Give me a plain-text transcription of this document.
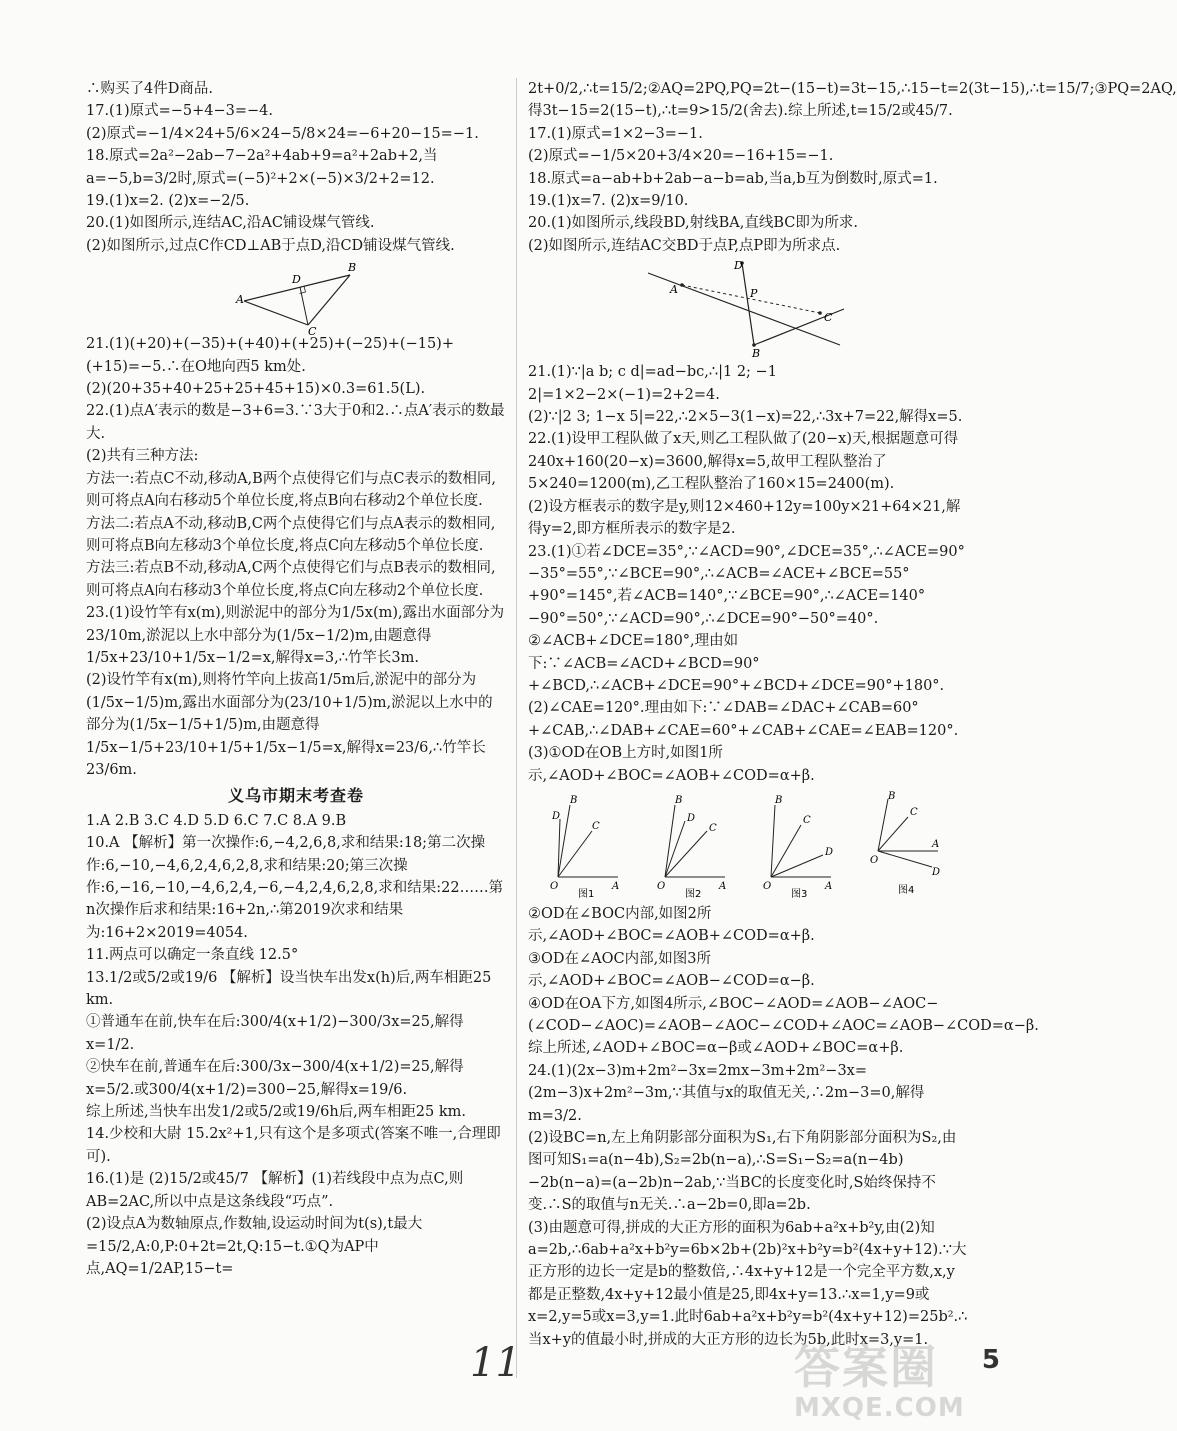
∴购买了4件D商品.

17.(1)原式=−5+4−3=−4.

(2)原式=−1/4×24+5/6×24−5/8×24=−6+20−15=−1.

18.原式=2a²−2ab−7−2a²+4ab+9=a²+2ab+2,当a=−5,b=3/2时,原式=(−5)²+2×(−5)×3/2+2=12.

19.(1)x=2. (2)x=−2/5.

20.(1)如图所示,连结AC,沿AC铺设煤气管线.

(2)如图所示,过点C作CD⊥AB于点D,沿CD铺设煤气管线.

A
B
C
D

21.(1)(+20)+(−35)+(+40)+(+25)+(−25)+(−15)+(+15)=−5.∴在O地向西5 km处.

(2)(20+35+40+25+25+45+15)×0.3=61.5(L).

22.(1)点A′表示的数是−3+6=3.∵3大于0和2.∴点A′表示的数最大.

(2)共有三种方法:

方法一:若点C不动,移动A,B两个点使得它们与点C表示的数相同,则可将点A向右移动5个单位长度,将点B向右移动2个单位长度.

方法二:若点A不动,移动B,C两个点使得它们与点A表示的数相同,则可将点B向左移动3个单位长度,将点C向左移动5个单位长度.

方法三:若点B不动,移动A,C两个点使得它们与点B表示的数相同,则可将点A向右移动3个单位长度,将点C向左移动2个单位长度.

23.(1)设竹竿有x(m),则淤泥中的部分为1/5x(m),露出水面部分为23/10m,淤泥以上水中部分为(1/5x−1/2)m,由题意得1/5x+23/10+1/5x−1/2=x,解得x=3,∴竹竿长3m.

(2)设竹竿有x(m),则将竹竿向上拔高1/5m后,淤泥中的部分为(1/5x−1/5)m,露出水面部分为(23/10+1/5)m,淤泥以上水中的部分为(1/5x−1/5+1/5)m,由题意得1/5x−1/5+23/10+1/5+1/5x−1/5=x,解得x=23/6,∴竹竿长23/6m.

义乌市期末考查卷

1.A 2.B 3.C 4.D 5.D 6.C 7.C 8.A 9.B

10.A 【解析】第一次操作:6,−4,2,6,8,求和结果:18;第二次操作:6,−10,−4,6,2,4,6,2,8,求和结果:20;第三次操作:6,−16,−10,−4,6,2,4,−6,−4,2,4,6,2,8,求和结果:22……第n次操作后求和结果:16+2n,∴第2019次求和结果为:16+2×2019=4054.

11.两点可以确定一条直线 12.5°

13.1/2或5/2或19/6 【解析】设当快车出发x(h)后,两车相距25 km.

①普通车在前,快车在后:300/4(x+1/2)−300/3x=25,解得x=1/2.

②快车在前,普通车在后:300/3x−300/4(x+1/2)=25,解得x=5/2.或300/4(x+1/2)=300−25,解得x=19/6.

综上所述,当快车出发1/2或5/2或19/6h后,两车相距25 km.

14.少校和大尉 15.2x²+1,只有这个是多项式(答案不唯一,合理即可).

16.(1)是 (2)15/2或45/7 【解析】(1)若线段中点为点C,则AB=2AC,所以中点是这条线段“巧点”.

(2)设点A为数轴原点,作数轴,设运动时间为t(s),t最大=15/2,A:0,P:0+2t=2t,Q:15−t.①Q为AP中点,AQ=1/2AP,15−t=

2t+0/2,∴t=15/2;②AQ=2PQ,PQ=2t−(15−t)=3t−15,∴15−t=2(3t−15),∴t=15/7;③PQ=2AQ,得3t−15=2(15−t),∴t=9>15/2(舍去).综上所述,t=15/2或45/7.

17.(1)原式=1×2−3=−1.

(2)原式=−1/5×20+3/4×20=−16+15=−1.

18.原式=a−ab+b+2ab−a−b=ab,当a,b互为倒数时,原式=1.

19.(1)x=7. (2)x=9/10.

20.(1)如图所示,线段BD,射线BA,直线BC即为所求.

(2)如图所示,连结AC交BD于点P,点P即为所求点.

A
B
C
D
P

21.(1)∵|a b; c d|=ad−bc,∴|1 2; −1 2|=1×2−2×(−1)=2+2=4.

(2)∵|2 3; 1−x 5|=22,∴2×5−3(1−x)=22,∴3x+7=22,解得x=5.

22.(1)设甲工程队做了x天,则乙工程队做了(20−x)天,根据题意可得240x+160(20−x)=3600,解得x=5,故甲工程队整治了5×240=1200(m),乙工程队整治了160×15=2400(m).

(2)设方框表示的数字是y,则12×460+12y=100y×21+64×21,解得y=2,即方框所表示的数字是2.

23.(1)①若∠DCE=35°,∵∠ACD=90°,∠DCE=35°,∴∠ACE=90°−35°=55°,∵∠BCE=90°,∴∠ACB=∠ACE+∠BCE=55°+90°=145°,若∠ACB=140°,∵∠BCE=90°,∴∠ACE=140°−90°=50°,∵∠ACD=90°,∴∠DCE=90°−50°=40°.

②∠ACB+∠DCE=180°,理由如下:∵∠ACB=∠ACD+∠BCD=90°+∠BCD,∴∠ACB+∠DCE=90°+∠BCD+∠DCE=90°+180°.

(2)∠CAE=120°.理由如下:∵∠DAB=∠DAC+∠CAB=60°+∠CAB,∴∠DAB+∠CAE=60°+∠CAB+∠CAE=∠EAB=120°.

(3)①OD在OB上方时,如图1所示,∠AOD+∠BOC=∠AOB+∠COD=α+β.

O	A
B
D
C
图1
O	A
B
D
C
图2
O	A
B
C
D
图3
O
A
B
C
D
图4

②OD在∠BOC内部,如图2所示,∠AOD+∠BOC=∠AOB+∠COD=α+β.

③OD在∠AOC内部,如图3所示,∠AOD+∠BOC=∠AOB−∠COD=α−β.

④OD在OA下方,如图4所示,∠BOC−∠AOD=∠AOB−∠AOC−(∠COD−∠AOC)=∠AOB−∠AOC−∠COD+∠AOC=∠AOB−∠COD=α−β.综上所述,∠AOD+∠BOC=α−β或∠AOD+∠BOC=α+β.

24.(1)(2x−3)m+2m²−3x=2mx−3m+2m²−3x=(2m−3)x+2m²−3m,∵其值与x的取值无关,∴2m−3=0,解得m=3/2.

(2)设BC=n,左上角阴影部分面积为S₁,右下角阴影部分面积为S₂,由图可知S₁=a(n−4b),S₂=2b(n−a),∴S=S₁−S₂=a(n−4b)−2b(n−a)=(a−2b)n−2ab,∵当BC的长度变化时,S始终保持不变.∴S的取值与n无关.∴a−2b=0,即a=2b.

(3)由题意可得,拼成的大正方形的面积为6ab+a²x+b²y,由(2)知a=2b,∴6ab+a²x+b²y=6b×2b+(2b)²x+b²y=b²(4x+y+12).∵大正方形的边长一定是b的整数倍,∴4x+y+12是一个完全平方数,x,y都是正整数,4x+y+12最小值是25,即4x+y=13.∴x=1,y=9或x=2,y=5或x=3,y=1.此时6ab+a²x+b²y=b²(4x+y+12)=25b².∴当x+y的值最小时,拼成的大正方形的边长为5b,此时x=3,y=1.

11	5
答案圈
MXQE.COM
